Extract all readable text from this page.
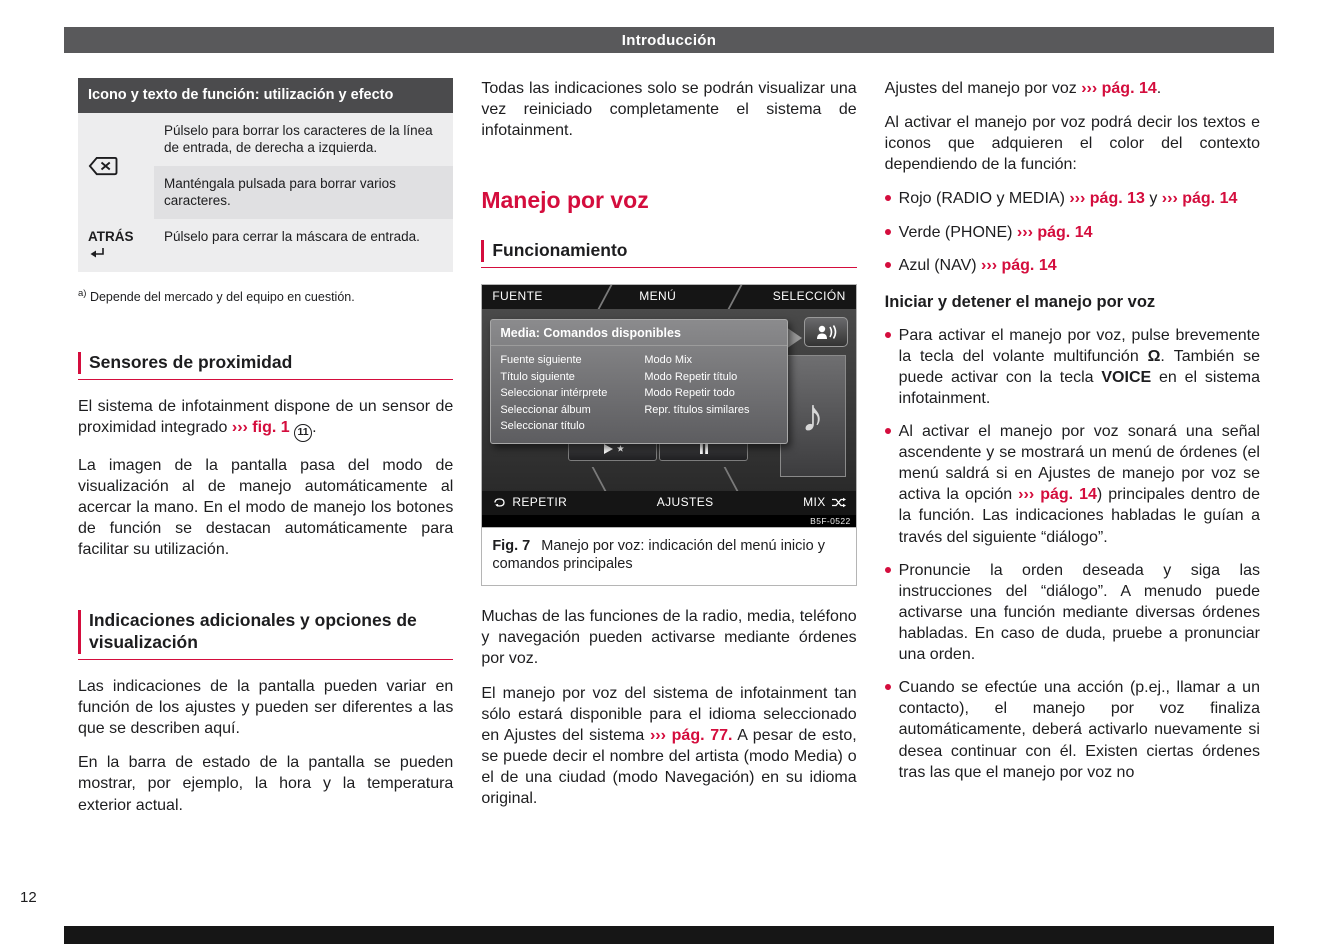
Introducción
Icono y texto de función: utilización y efecto
Púlselo para borrar los caracteres de la línea de entrada, de derecha a izquierda.
Manténgala pulsada para borrar varios caracteres.
ATRÁS	Púlselo para cerrar la máscara de entrada.
$^{a)}$ Depende del mercado y del equipo en cuestión.
Sensores de proximidad

El sistema de infotainment dispone de un sensor de proximidad integrado ››› fig. 1 11 .

La imagen de la pantalla pasa del modo de visualización al de manejo automáticamente al acercar la mano. En el modo de manejo los botones de función se destacan automáticamente para facilitar su utilización.

Indicaciones adicionales y opciones de visualización

Las indicaciones de la pantalla pueden variar en función de los ajustes y pueden ser diferentes a las que se describen aquí.

En la barra de estado de la pantalla se pueden mostrar, por ejemplo, la hora y la temperatura exterior actual.

Todas las indicaciones solo se podrán visualizar una vez reiniciado completamente el sistema de infotainment.

Manejo por voz
Funcionamiento
FUENTE	MENÚ	SELECCIÓN
♪
Media: Comandos disponibles
Fuente siguiente
Título siguiente
Seleccionar intérprete
Seleccionar álbum
Seleccionar título
Modo Mix
Modo Repetir título
Modo Repetir todo
Repr. títulos similares
REPETIR	AJUSTES	MIX
B5F-0522
Fig. 7 Manejo por voz: indicación del menú inicio y comandos principales

Muchas de las funciones de la radio, media, teléfono y navegación pueden activarse mediante órdenes por voz.

El manejo por voz del sistema de infotainment tan sólo estará disponible para el idioma seleccionado en Ajustes del sistema ››› pág. 77. A pesar de esto, se puede decir el nombre del artista (modo Media) o el de una ciudad (modo Navegación) en su idioma original.

Ajustes del manejo por voz ››› pág. 14.

Al activar el manejo por voz podrá decir los textos e iconos que adquieren el color del contexto dependiendo de la función:

Rojo (RADIO y MEDIA) ››› pág. 13 y ››› pág. 14
Verde (PHONE) ››› pág. 14
Azul (NAV) ››› pág. 14
Iniciar y detener el manejo por voz
Para activar el manejo por voz, pulse brevemente la tecla del volante multifunción Ω. También se puede activar con la tecla VOICE en el sistema infotainment.
Al activar el manejo por voz sonará una señal ascendente y se mostrará un menú de órdenes (el menú saldrá si en Ajustes de manejo por voz se activa la opción ››› pág. 14) principales dentro de la función. Las indicaciones habladas le guían a través del siguiente “diálogo”.
Pronuncie la orden deseada y siga las instrucciones del “diálogo”. A menudo puede activarse una función mediante diversas órdenes habladas. En caso de duda, pruebe a pronunciar una orden.
Cuando se efectúe una acción (p.ej., llamar a un contacto), el manejo por voz finaliza automáticamente, deberá activarlo nuevamente si desea continuar con él. Existen ciertas órdenes tras las que el manejo por voz no
12
